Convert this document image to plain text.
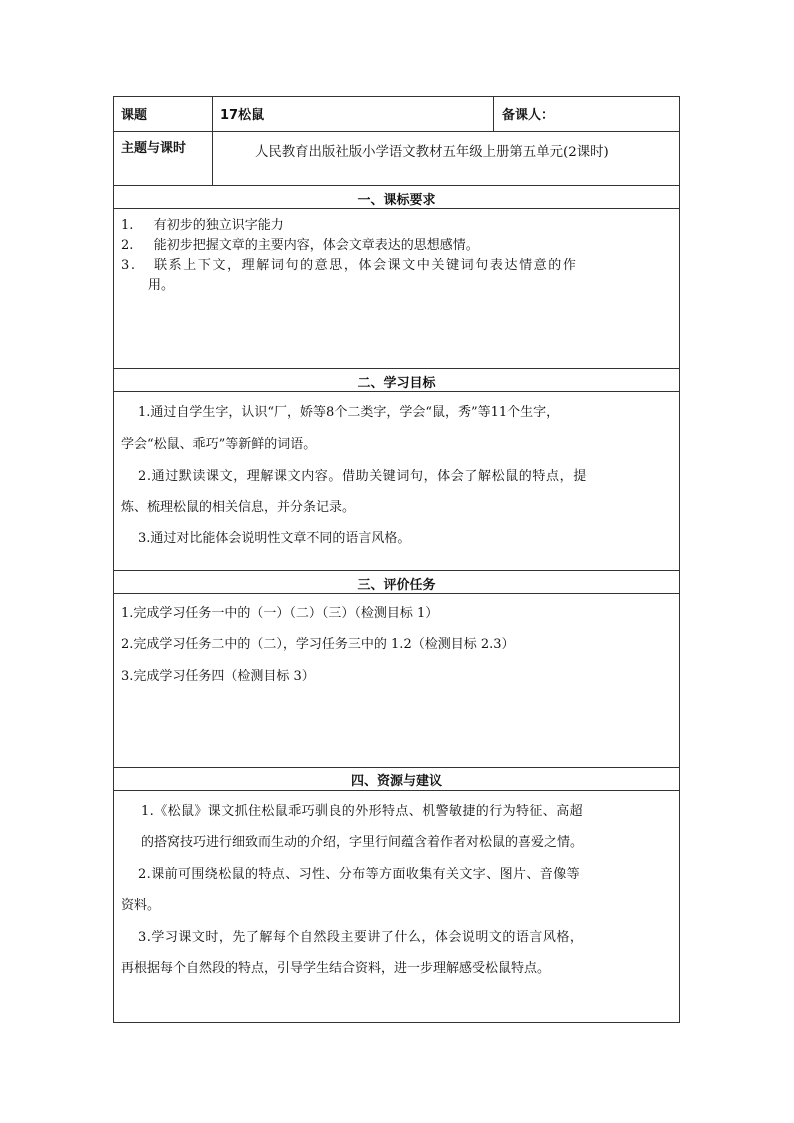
课题	17松鼠	备课人：
主题与课时	人民教育出版社版小学语文教材五年级上册第五单元(2课时)
一、课标要求
1. 有初步的独立识字能力
2. 能初步把握文章的主要内容，体会文章表达的思想感情。
3. 联系上下文，理解词句的意思，体会课文中关键词句表达情意的作
用。
二、学习目标
1.通过自学生字，认识“厂，娇等8个二类字，学会“鼠，秀”等11个生字，
学会“松鼠、乖巧”等新鲜的词语。
2.通过默读课文，理解课文内容。借助关键词句，体会了解松鼠的特点，提
炼、梳理松鼠的相关信息，并分条记录。
3.通过对比能体会说明性文章不同的语言风格。
三、评价任务
1.完成学习任务一中的（一）（二）（三）（检测目标 1）
2.完成学习任务二中的（二），学习任务三中的 1.2（检测目标 2.3）
3.完成学习任务四（检测目标 3）
四、资源与建议
1.《松鼠》课文抓住松鼠乖巧驯良的外形特点、机警敏捷的行为特征、高超
的搭窝技巧进行细致而生动的介绍，字里行间蕴含着作者对松鼠的喜爱之情。
2.课前可围绕松鼠的特点、习性、分布等方面收集有关文字、图片、音像等
资料。
3.学习课文时，先了解每个自然段主要讲了什么，体会说明文的语言风格，
再根据每个自然段的特点，引导学生结合资料，进一步理解感受松鼠特点。
